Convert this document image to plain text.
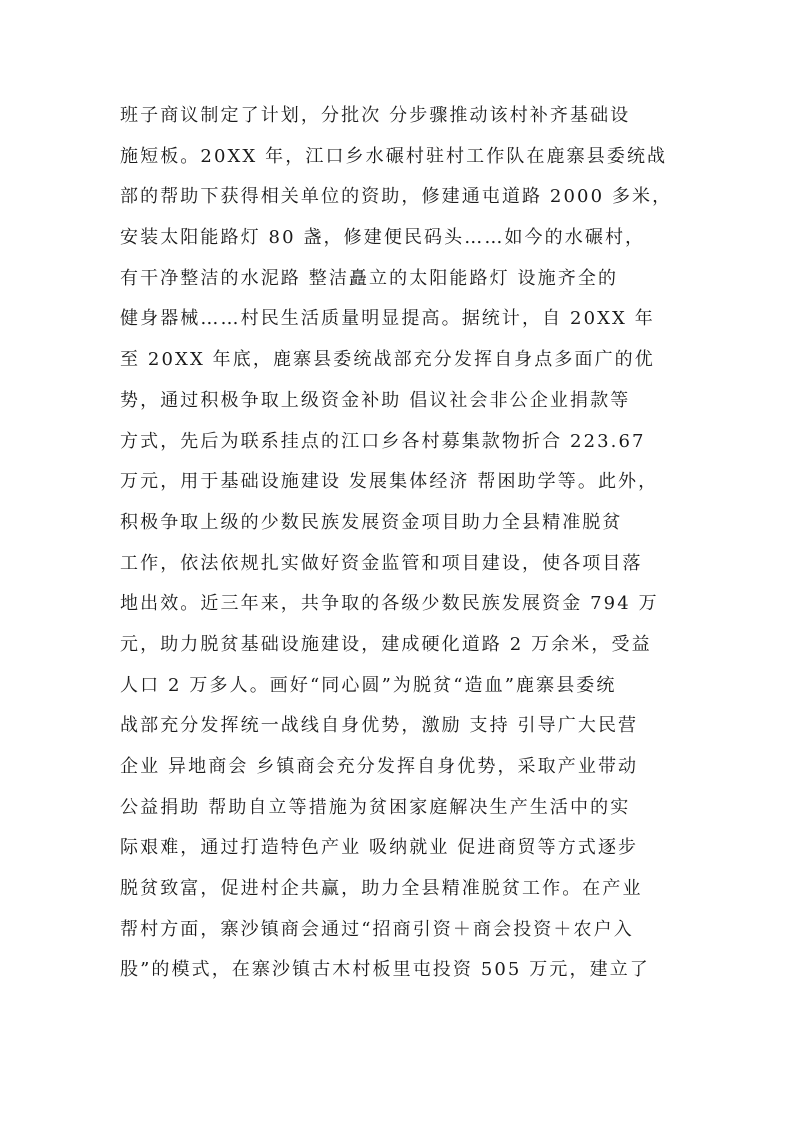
班子商议制定了计划，分批次 分步骤推动该村补齐基础设
施短板。20XX 年，江口乡水碾村驻村工作队在鹿寨县委统战
部的帮助下获得相关单位的资助，修建通屯道路 2000 多米，
安装太阳能路灯 80 盏，修建便民码头……如今的水碾村，
有干净整洁的水泥路 整洁矗立的太阳能路灯 设施齐全的
健身器械……村民生活质量明显提高。据统计，自 20XX 年
至 20XX 年底，鹿寨县委统战部充分发挥自身点多面广的优
势，通过积极争取上级资金补助 倡议社会非公企业捐款等
方式，先后为联系挂点的江口乡各村募集款物折合 223.67
万元，用于基础设施建设 发展集体经济 帮困助学等。此外，
积极争取上级的少数民族发展资金项目助力全县精准脱贫
工作，依法依规扎实做好资金监管和项目建设，使各项目落
地出效。近三年来，共争取的各级少数民族发展资金 794 万
元，助力脱贫基础设施建设，建成硬化道路 2 万余米，受益
人口 2 万多人。画好“同心圆”为脱贫“造血”鹿寨县委统
战部充分发挥统一战线自身优势，激励 支持 引导广大民营
企业 异地商会 乡镇商会充分发挥自身优势，采取产业带动
公益捐助 帮助自立等措施为贫困家庭解决生产生活中的实
际艰难，通过打造特色产业 吸纳就业 促进商贸等方式逐步
脱贫致富，促进村企共赢，助力全县精准脱贫工作。在产业
帮村方面，寨沙镇商会通过“招商引资＋商会投资＋农户入
股”的模式，在寨沙镇古木村板里屯投资 505 万元，建立了
